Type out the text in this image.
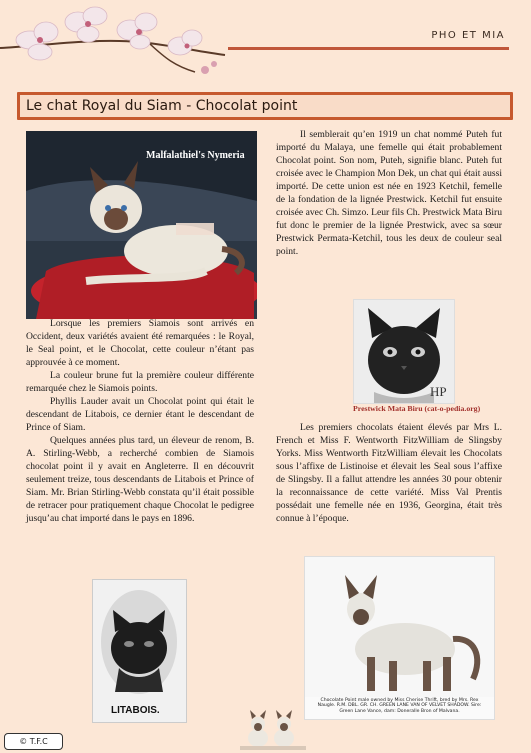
PHO ET MIA
Le chat Royal du Siam - Chocolat point
Malfalathiel's Nymeria

Lorsque les premiers Siamois sont arrivés en Occident, deux variétés avaient été remarquées : le Royal, le Seal point, et le Chocolat, cette couleur n’étant pas approuvée à ce moment.

La couleur brune fut la première couleur différente remarquée chez le Siamois points.

Phyllis Lauder avait un Chocolat point qui était le descendant de Litabois, ce dernier étant le descendant de Prince of Siam.

Quelques années plus tard, un éleveur de renom, B. A. Stirling-Webb, a recherché combien de Siamois chocolat point il y avait en Angleterre. Il en découvrit seulement treize, tous descendants de Litabois et Prince of Siam. Mr. Brian Stirling-Webb constata qu’il était possible de retracer pour pratiquement chaque Chocolat le pedigree jusqu’au chat importé dans le pays en 1896.

Il semblerait qu’en 1919 un chat nommé Puteh fut importé du Malaya, une femelle qui était probablement Chocolat point. Son nom, Puteh, signifie blanc. Puteh fut croisée avec le Champion Mon Dek, un chat qui était aussi importé. De cette union est née en 1923 Ketchil, femelle de la fondation de la lignée Prestwick. Ketchil fut ensuite croisée avec Ch. Simzo. Leur fils Ch. Prestwick Mata Biru fut donc le premier de la lignée Prestwick, avec sa sœur Prestwick Permata-Ketchil, tous les deux de couleur seal point.

HP
Prestwick Mata Biru (cat-o-pedia.org)

Les premiers chocolats étaient élevés par Mrs L. French et Miss F. Wentworth FitzWilliam de Slingsby Yorks. Miss Wentworth FitzWilliam élevait les Chocolats sous l’affixe de Listinoise et élevait les Seal sous l’affixe de Slingsby. Il a fallut attendre les années 30 pour obtenir la reconnaissance de cette variété. Miss Val Prentis possédait une femelle née en 1936, Georgina, était très connue à l’époque.

LITABOIS.
Chocolate Point male owned by Miss Cherise Thrift, bred by Mrs. Rex Naugle. R.M. DBL. GR. CH. GREEN LANE VAN OF VELVET SHADOW. Sire: Green Lane Vance, dam: Doneralle Bron of Malvana.
© T.F.C
